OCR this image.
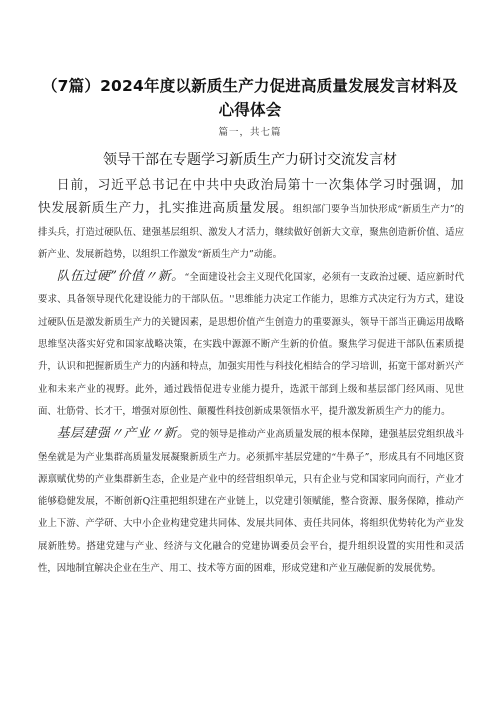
（7篇）2024年度以新质生产力促进高质量发展发言材料及心得体会
篇一，共七篇
领导干部在专题学习新质生产力研讨交流发言材

日前，习近平总书记在中共中央政治局第十一次集体学习时强调，加快发展新质生产力，扎实推进高质量发展。组织部门要争当加快形成“新质生产力”的排头兵，打造过硬队伍、建强基层组织、激发人才活力，继续做好创新大文章，聚焦创造新价值、适应新产业、发展新趋势，以组织工作激发“新质生产力”动能。

队伍过硬”价值〃新。“全面建设社会主义现代化国家，必须有一支政治过硬、适应新时代要求、具备领导现代化建设能力的干部队伍。''思维能力决定工作能力，思维方式决定行为方式，建设过硬队伍是激发新质生产力的关键因素，是思想价值产生创造力的重要源头，领导干部当正确运用战略思维坚决落实好党和国家战略决策，在实践中源源不断产生新的价值。聚焦学习促进干部队伍素质提升，认识和把握新质生产力的内涵和特点，加强实用性与科技化相结合的学习培训，拓宽干部对新兴产业和未来产业的视野。此外，通过践悟促进专业能力提升，选派干部到上级和基层部门经风雨、见世面、壮筋骨、长才干，增强对原创性、颠覆性科技创新成果领悟水平，提升激发新质生产力的能力。

基层建强〃产业〃新。党的领导是推动产业高质量发展的根本保障，建强基层党组织战斗堡垒就是为产业集群高质量发展凝聚新质生产力。必须抓牢基层党建的“牛鼻子”，形成具有不同地区资源禀赋优势的产业集群新生态，企业是产业中的经营组织单元，只有企业与党和国家同向而行，产业才能够稳健发展，不断创新Q注重把组织建在产业链上，以党建引领赋能，整合资源、服务保障，推动产业上下游、产学研、大中小企业构建党建共同体、发展共同体、责任共同体，将组织优势转化为产业发展新胜势。搭建党建与产业、经济与文化融合的党建协调委员会平台，提升组织设置的实用性和灵活性，因地制宜解决企业在生产、用工、技术等方面的困难，形成党建和产业互融促新的发展优势。
